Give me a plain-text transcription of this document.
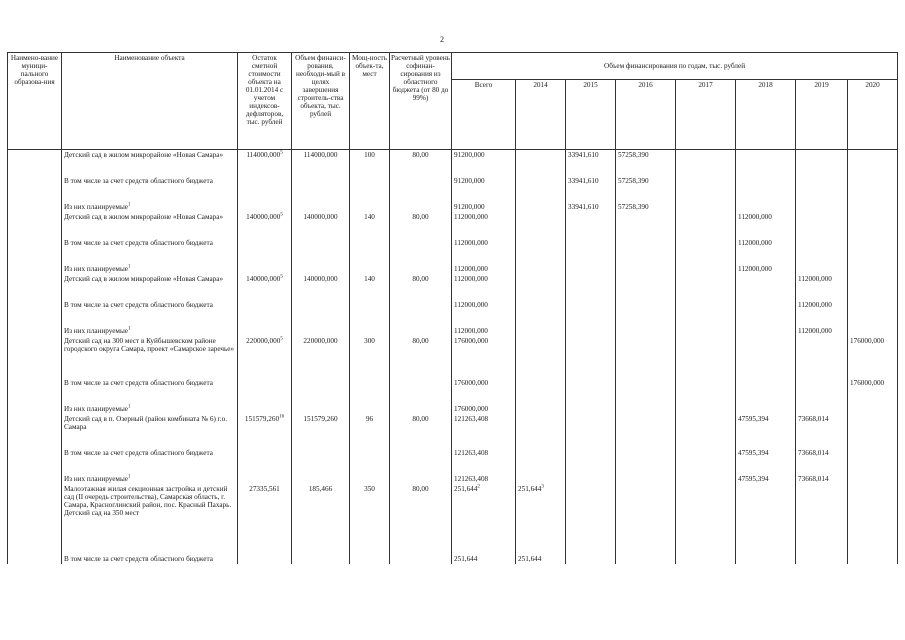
2
Наимено-вание муници-пального образова-ния	Наименование объекта	Остаток сметной стоимости объекта на 01.01.2014 с учетом индексов-дефляторов, тыс. рублей	Объем финанси-рования, необходи-мый в целях завершения строитель-ства объекта, тыс. рублей	Мощ-ность объек-та, мест	Расчетный уровень софинан-сирования из областного бюджета (от 80 до 99%)	Объем финансирования по годам, тыс. рублей							
						Всего	2014	2015	2016	2017	2018	2019	2020
	Детский сад в жилом микрорайоне «Новая Самара»	114000,000$^5$	114000,000	100	80,00	91200,000		33941,610	57258,390				

	В том числе за счет средств областного бюджета					91200,000		33941,610	57258,390				

	Из них планируемые$^1$					91200,000		33941,610	57258,390				
	Детский сад в жилом микрорайоне «Новая Самара»	140000,000$^5$	140000,000	140	80,00	112000,000					112000,000		

	В том числе за счет средств областного бюджета					112000,000					112000,000		

	Из них планируемые$^1$					112000,000					112000,000		
	Детский сад в жилом микрорайоне «Новая Самара»	140000,000$^5$	140000,000	140	80,00	112000,000						112000,000	

	В том числе за счет средств областного бюджета					112000,000						112000,000	

	Из них планируемые$^1$					112000,000						112000,000	
	Детский сад на 300 мест в Куйбышевском районе городского округа Самара, проект «Самарское заречье»	220000,000$^5$	220000,000	300	80,00	176000,000							176000,000

	В том числе за счет средств областного бюджета					176000,000							176000,000

	Из них планируемые$^1$					176000,000							
	Детский сад в п. Озерный (район комбината № 6) г.о. Самара	151579,260$^{16}$	151579,260	96	80,00	121263,408					47595,394	73668,014	

	В том числе за счет средств областного бюджета					121263,408					47595,394	73668,014	

	Из них планируемые$^1$					121263,408					47595,394	73668,014	
	Малоэтажная жилая секционная застройка и детский сад (II очередь строительства), Самарская область, г. Самара, Красноглинский район, пос. Красный Пахарь. Детский сад на 350 мест	27335,561	185,466	350	80,00	251,644$^2$	251,644$^3$						

	В том числе за счет средств областного бюджета					251,644	251,644						
